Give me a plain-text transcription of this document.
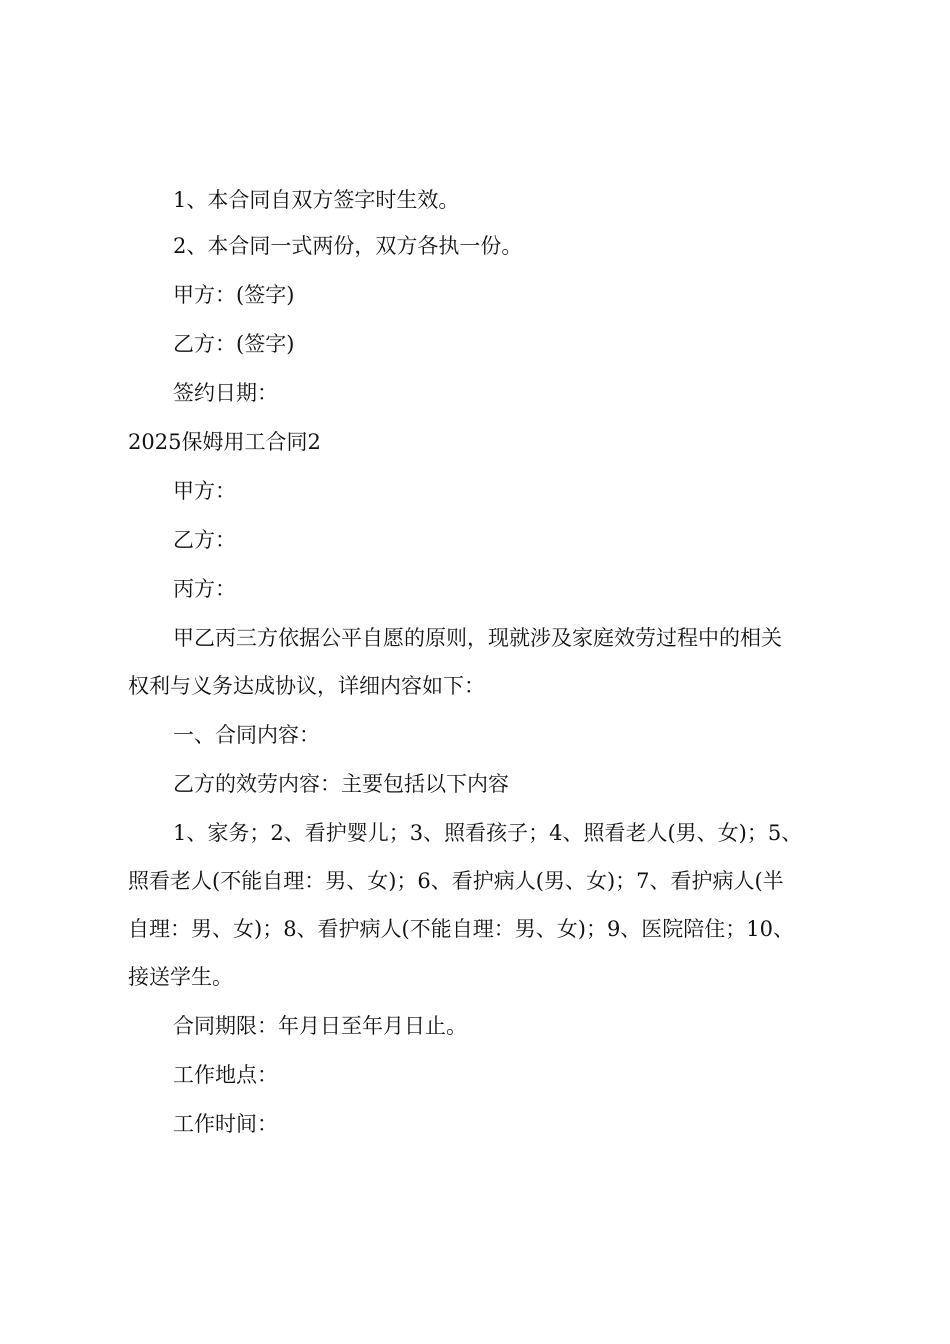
1、本合同自双方签字时生效。

2、本合同一式两份，双方各执一份。

甲方：(签字)

乙方：(签字)

签约日期：

2025保姆用工合同2

甲方：

乙方：

丙方：

甲乙丙三方依据公平自愿的原则，现就涉及家庭效劳过程中的相关

权利与义务达成协议，详细内容如下：

一、合同内容：

乙方的效劳内容：主要包括以下内容

1、家务；2、看护婴儿；3、照看孩子；4、照看老人(男、女)；5、

照看老人(不能自理：男、女)；6、看护病人(男、女)；7、看护病人(半

自理：男、女)；8、看护病人(不能自理：男、女)；9、医院陪住；10、

接送学生。

合同期限：年月日至年月日止。

工作地点：

工作时间：
